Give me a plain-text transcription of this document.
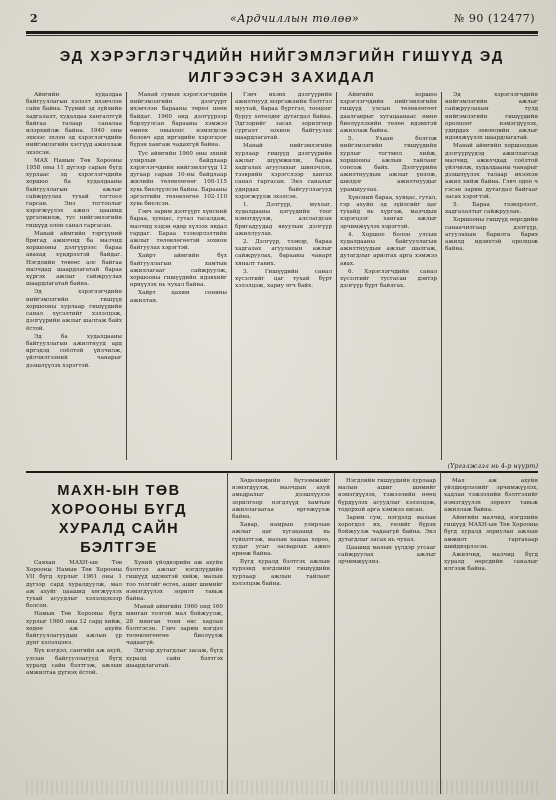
2	«Ардчиллын төлөө»	№ 90 (12477)
ЭД ХЭРЭГЛЭГЧДИЙН НИЙГЭМЛЭГИЙН ГИШҮҮД ЭД
ИЛГЭЭСЭН ЗАХИДАЛ

Айвгийн худалдаа байгууллагын хэлэлт ихэвчлэн сайн байна. Түүний эд зүйлийн хадгалалт, худалдаа хангалтгүй байгаа талаар саналаа илэрхийлж байна. 1940 оны эхнээс эхлэн эд хэрэглэгчдийн нийгэмлэгийн хэсгүүд ажиллаж эхэлсэн.

МАХ Намын Төв Хорооны 1958 оны 11 дүгээр сарын бүгд хурлаас эд хэрэглэгчдийн хоршоо ба худалдааны байгууллагын ажлыг сайжруулах тухай тогтоол гарсан. Энэ тогтоолыг хэрэгжүүлэх ажил цаашид үргэлжилж, тус нийгэмлэгийн гишүүд олон санал гаргасан.

Манай аймгийн тэргүүний бригад ажилчид ба малчид хоршооны дэлгүүрээс бараа авахад хүндрэлтэй байдаг. Нэгдлийн төвөөс алс байгаа малчдад шаардлагатай бараа хүргэх ажлыг сайжруулах шаардлагатай байна.

Эд хэрэглэгчдийн нийгэмлэгийн гишүүд хоршооны хурлаар гишүүдийн санал хүсэлтийг хэлэлцэж, дэлгүүрийн ажлыг шалгаж байх ёстой.

Эд ба худалдааны байгууллагын ажилтнууд ард иргэдэд соёлтой үйлчилж, үйлчилгээний чанарыг дээшлүүлэх хэрэгтэй.

Манай сумын хэрэглэгчдийн нийгэмлэгийн дэлгүүрт ихэвчлэн барааны төрөл цөөн байдаг. 1960 онд дэлгүүрээр борлуулсан барааны хэмжээ өмнөх оныхоос нэмэгдсэн боловч ард иргэдийн хэрэгцээг бүрэн хангаж чадахгүй байна.

Тус аймгийн 1960 оны эхний улирлын байдлаар хэрэглэгчдийн нийгэмлэгүүд 12 дугаар сарын 10-ны байдлаар жилийн төлөвлөгөөг 100-115 хувь биелүүлсэн байна. Барааны эргэлтийн төлөвлөгөө 102-110 хувь биелсэн.

Гэвч зарим дэлгүүрт хүнсний бараа, хувцас, гутал тасалдаж, малчид хэдэн өдөр хүлээх явдал гардаг. Бараа тээвэрлэлтийн ажлыг төлөвлөгөөтэй зохион байгуулах хэрэгтэй.

Хайрт аймгийн бүх байгууллагын хамтын ажиллагааг сайжруулж, хоршооны гишүүдийн идэвхийг өрнүүлэх нь чухал байна.

Хайрт цахим сонины ажилтан.

Гэвч ихэнх дэлгүүрийн ажилтнууд мэргэжлийн бэлтгэл муутай, бараа бүртгэл, тооцоог буруу хөтөлдөг дутагдал байна. Эдгээрийг засах зорилгоор сургалт зохион байгуулах шаардлагатай.

Манай нийгэмлэгийн хурлаар гишүүд дэлгүүрийн ажлыг шүүмжилж, бараа хадгалах агуулахыг шинэчлэх, тээврийн хэрэгслээр хангах санал гаргасан. Энэ саналыг удирдах байгууллагууд хэрэгжүүлж эхэлсэн.

1. Дэлгүүр, мухлаг, худалдааны цэгүүдийн тоог нэмэгдүүлж, алслагдсан бригадуудад явуулын дэлгүүр ажиллуулах.

2. Дэлгүүр, тээвэр, бараа хадгалах агуулахын ажлыг сайжруулах, барааны чанарт хяналт тавих.

3. Гишүүдийн санал хүсэлтийг цаг тухай бүрт хэлэлцэж, хариу өгч байх.

Айвгийн хоршоо хэрэглэгчдийн нийгэмлэгийн гишүүд улсын төлөвлөгөөт даалгаврыг хугацаанаас өмнө биелүүлэхийн төлөө идэвхтэй ажиллаж байна.

5. Ухаан болгож нийгэмлэгийн гишүүдийн хурлыг тогтмол хийж, хоршооны ажлын тайланг сонсож байх. Дэлгүүрийн ажилтнуудын ажлыг үнэлж, шилдэг ажилтнуудыг урамшуулах.

Хүнсний бараа, хувцас, гутал, гэр ахуйн эд зүйлсийг цаг тухайд нь хүргэж, малчдын хэрэгцээг хангах ажлыг эрчимжүүлэх хэрэгтэй.

4. Хоршоо болон улсын худалдааны байгууллагын ажилтнуудын ажлыг шалгаж, дутагдлыг арилгах арга хэмжээ авах.

6. Хэрэглэгчдийн санал хүсэлтийг тусгасан дэвтэр дэлгүүр бүрт байлгах.

Эд хэрэглэгчдийн нийгэмлэгийн ажлыг сайжруулахын тулд нийгэмлэгийн гишүүдийн оролцоог нэмэгдүүлэх, удирдах зөвлөлийн ажлыг идэвхжүүлэх шаардлагатай.

Манай аймгийн хоршоодын дэлгүүрүүдэд ажиллагсад малчид, ажилчдад соёлтой үйлчилж, худалдааны чанарыг дээшлүүлэх талаар ихээхэн ажил хийж байна. Гэвч одоо ч гэсэн зарим дутагдал байгааг засах хэрэгтэй.

5. Бараа тээвэрлэлт, хадгалалтыг сайжруулах.

Хоршооны гишүүд өөрсдийн санаачилгаар дэлгүүр, агуулахын барилга барих ажилд идэвхтэй оролцож байна.

(Үргэлжлэл нь 4-р нүүрт)
МАХН-ЫН ТӨВ ХОРООНЫ БҮГД ХУРАЛД САЙН БЭЛТГЭЕ

Саяхан МАХН-ын Төв Хорооны Намын Төв Хорооны VII бүгд хурлыг 1961 оны 1 дүгээр сард хуралдуулж, мал аж ахуйг цаашид хөгжүүлэх тухай асуудлыг хэлэлцэхээр болсон.

Намын Төв Хорооны бүгд хурлыг 1960 оны 12 сард хийж, хөдөө аж ахуйн байгууллагуудын ажлын үр дүнг хэлэлцэнэ.

Бүх нэгдэл, сангийн аж ахуй, улсын байгууллагууд бүгд хуралд сайн бэлтгэж, ажлын амжилтаа дүгнэх ёстой.

Хүний үйлдвэрийн аж ахуйн бэлтгэл ажлыг нэгдлүүдийн гишүүд идэвхтэй хийж, малын тоо толгойг өсгөх, ашиг шимийг нэмэгдүүлэх зорилт тавьж байна.

Манай аймгийн 1960 онд 160 мянган толгой мал бойжуулж, 28 мянган тонн өвс хадлан бэлтгэсэн. Гэвч зарим нэгдэл төлөвлөгөөгөө биелүүлж чадаагүй.

Эдгээр дутагдлыг засаж, бүгд хуралд сайн бэлтгэх шаардлагатай.

Хөдөлмөрийн бүтээмжийг нэмэгдүүлж, малчдын ахуй амьдралыг дээшлүүлэх зорилгоор нэгдлүүд хамтын ажиллагаагаа өргөжүүлж байна.

Хавар, намрын улирлын ажлыг цаг хугацаанд нь гүйцэтгэж, малын хашаа хороо, худаг усыг засварлах ажил өрнөж байна.

Бүгд хуралд бэлтгэх ажлын хүрээнд нэгдлийн гишүүдийн хурлаар ажлын тайланг хэлэлцэж байна.

Нэгдлийн гишүүдийн хурлаар малын ашиг шимийг нэмэгдүүлэх, тэжээлийн нөөц бүрдүүлэх асуудлыг хэлэлцэж, тодорхой арга хэмжээ авсан.

Зарим сум, нэгдэлд малын хорогдол их, төлийг бүрэн бойжуулж чадаагүй байна. Энэ дутагдлыг засах нь чухал.

Цаашид малын үүлдэр угсааг сайжруулах ажлыг эрчимжүүлнэ.

Мал аж ахуйн үйлдвэрлэлийг эрчимжүүлэх, хадлан тэжээлийн бэлтгэлийг нэмэгдүүлэх зорилт тавьж ажиллаж байна.

Аймгийн малчид, нэгдлийн гишүүд МАХН-ын Төв Хорооны бүгд хуралд зориулан ажлын амжилт гаргахаар шийдвэрлэсэн.

Ажилчид, малчид бүгд хуралд өөрсдийн саналыг илгээж байна.
